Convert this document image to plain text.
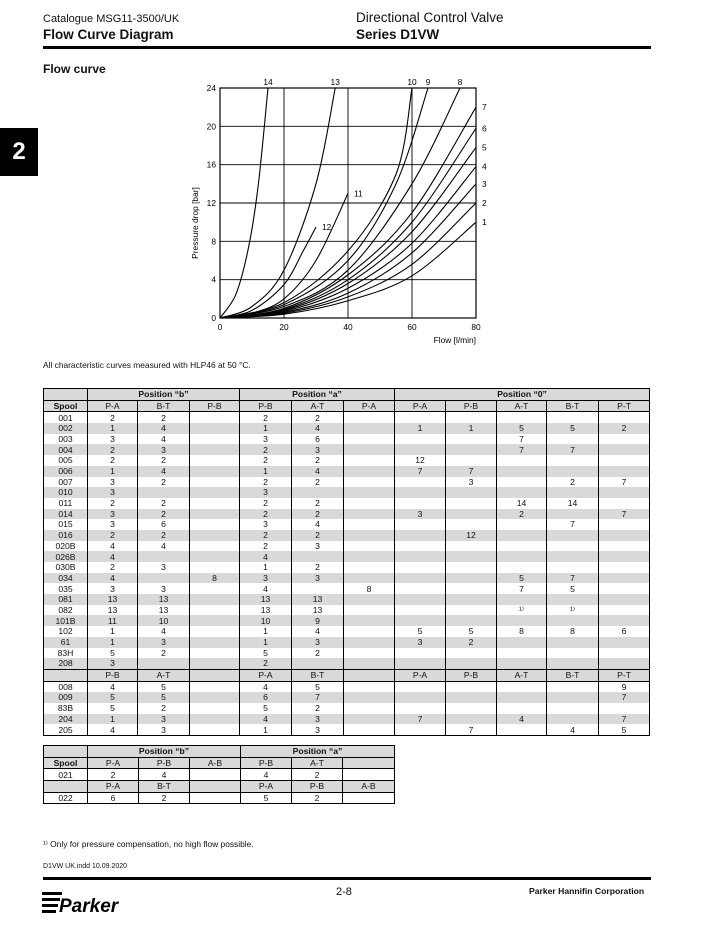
Catalogue MSG11-3500/UK
Flow Curve Diagram
Directional Control Valve
Series D1VW
2
Flow curve
0	20	40	60	80
0
4
8
12
16
20
24
Flow [l/min]
Pressure drop [bar]
14	13
12
11
10 9	8
7
6
5
4
3
2
1
All characteristic curves measured with HLP46 at 50 °C.
	Position “b”			Position “a”			Position “0”				
Spool	P-A	B-T	P-B	P-B	A-T	P-A	P-A	P-B	A-T	B-T	P-T
001	2	2		2	2						
002	1	4		1	4		1	1	5	5	2
003	3	4		3	6				7		
004	2	3		2	3				7	7	
005	2	2		2	2		12				
006	1	4		1	4		7	7			
007	3	2		2	2			3		2	7
010	3			3							
011	2	2		2	2				14	14	
014	3	2		2	2		3		2		7
015	3	6		3	4					7	
016	2	2		2	2			12			
020B	4	4		2	3						
026B	4			4							
030B	2	3		1	2						
034	4		8	3	3				5	7	
035	3	3		4		8			7	5	
081	13	13		13	13						
082	13	13		13	13				¹⁾	¹⁾	
101B	11	10		10	9						
102	1	4		1	4		5	5	8	8	6
61	1	3		1	3		3	2			
83H	5	2		5	2						
208	3			2							
	P-B	A-T		P-A	B-T		P-A	P-B	A-T	B-T	P-T
008	4	5		4	5						9
009	5	5		6	7						7
83B	5	2		5	2						
204	1	3		4	3		7		4		7
205	4	3		1	3			7		4	5
	Position “b”			Position “a”		
Spool	P-A	P-B	A-B	P-B	A-T	
021	2	4		4	2	
	P-A	B-T		P-A	P-B	A-B
022	6	2		5	2	
¹⁾ Only for pressure compensation, no high flow possible.
D1VW UK.indd 10.09.2020
2-8	Parker Hannifin Corporation
Parker
